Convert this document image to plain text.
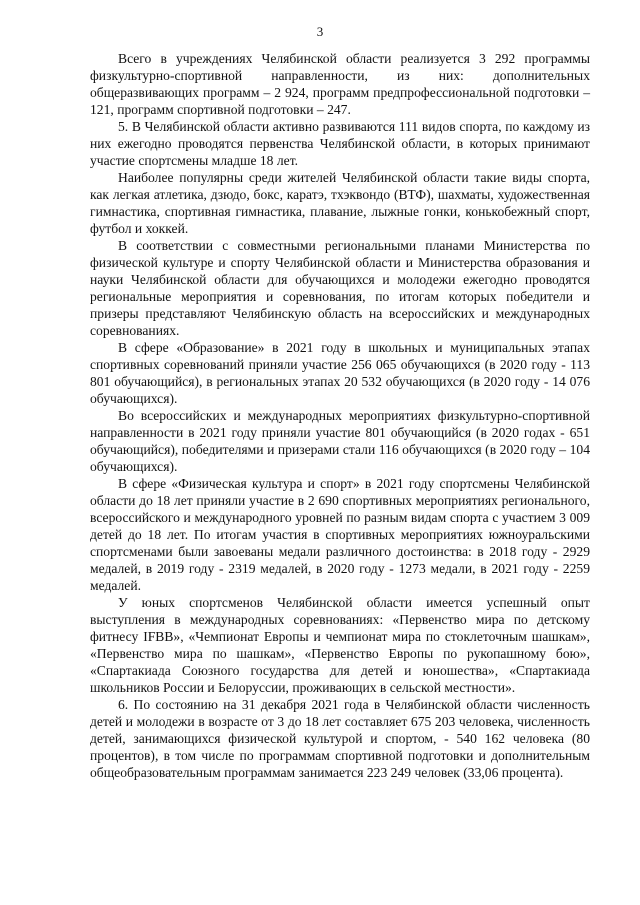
3

Всего в учреждениях Челябинской области реализуется 3 292 программы физкультурно-спортивной направленности, из них: дополнительных общеразвивающих программ – 2 924, программ предпрофессиональной подготовки – 121, программ спортивной подготовки – 247.

5. В Челябинской области активно развиваются 111 видов спорта, по каждому из них ежегодно проводятся первенства Челябинской области, в которых принимают участие спортсмены младше 18 лет.

Наиболее популярны среди жителей Челябинской области такие виды спорта, как легкая атлетика, дзюдо, бокс, каратэ, тхэквондо (ВТФ), шахматы, художественная гимнастика, спортивная гимнастика, плавание, лыжные гонки, конькобежный спорт, футбол и хоккей.

В соответствии с совместными региональными планами Министерства по физической культуре и спорту Челябинской области и Министерства образования и науки Челябинской области для обучающихся и молодежи ежегодно проводятся региональные мероприятия и соревнования, по итогам которых победители и призеры представляют Челябинскую область на всероссийских и международных соревнованиях.

В сфере «Образование» в 2021 году в школьных и муниципальных этапах спортивных соревнований приняли участие 256 065 обучающихся (в 2020 году - 113 801 обучающийся), в региональных этапах 20 532 обучающихся (в 2020 году - 14 076 обучающихся).

Во всероссийских и международных мероприятиях физкультурно-спортивной направленности в 2021 году приняли участие 801 обучающийся (в 2020 годах - 651 обучающийся), победителями и призерами стали 116 обучающихся (в 2020 году – 104 обучающихся).

В сфере «Физическая культура и спорт» в 2021 году спортсмены Челябинской области до 18 лет приняли участие в 2 690 спортивных мероприятиях регионального, всероссийского и международного уровней по разным видам спорта с участием 3 009 детей до 18 лет. По итогам участия в спортивных мероприятиях южноуральскими спортсменами были завоеваны медали различного достоинства: в 2018 году - 2929 медалей, в 2019 году - 2319 медалей, в 2020 году - 1273 медали, в 2021 году - 2259 медалей.

У юных спортсменов Челябинской области имеется успешный опыт выступления в международных соревнованиях: «Первенство мира по детскому фитнесу IFBB», «Чемпионат Европы и чемпионат мира по стоклеточным шашкам», «Первенство мира по шашкам», «Первенство Европы по рукопашному бою», «Спартакиада Союзного государства для детей и юношества», «Спартакиада школьников России и Белоруссии, проживающих в сельской местности».

6. По состоянию на 31 декабря 2021 года в Челябинской области численность детей и молодежи в возрасте от 3 до 18 лет составляет 675 203 человека, численность детей, занимающихся физической культурой и спортом, - 540 162 человека (80 процентов), в том числе по программам спортивной подготовки и дополнительным общеобразовательным программам занимается 223 249 человек (33,06 процента).
